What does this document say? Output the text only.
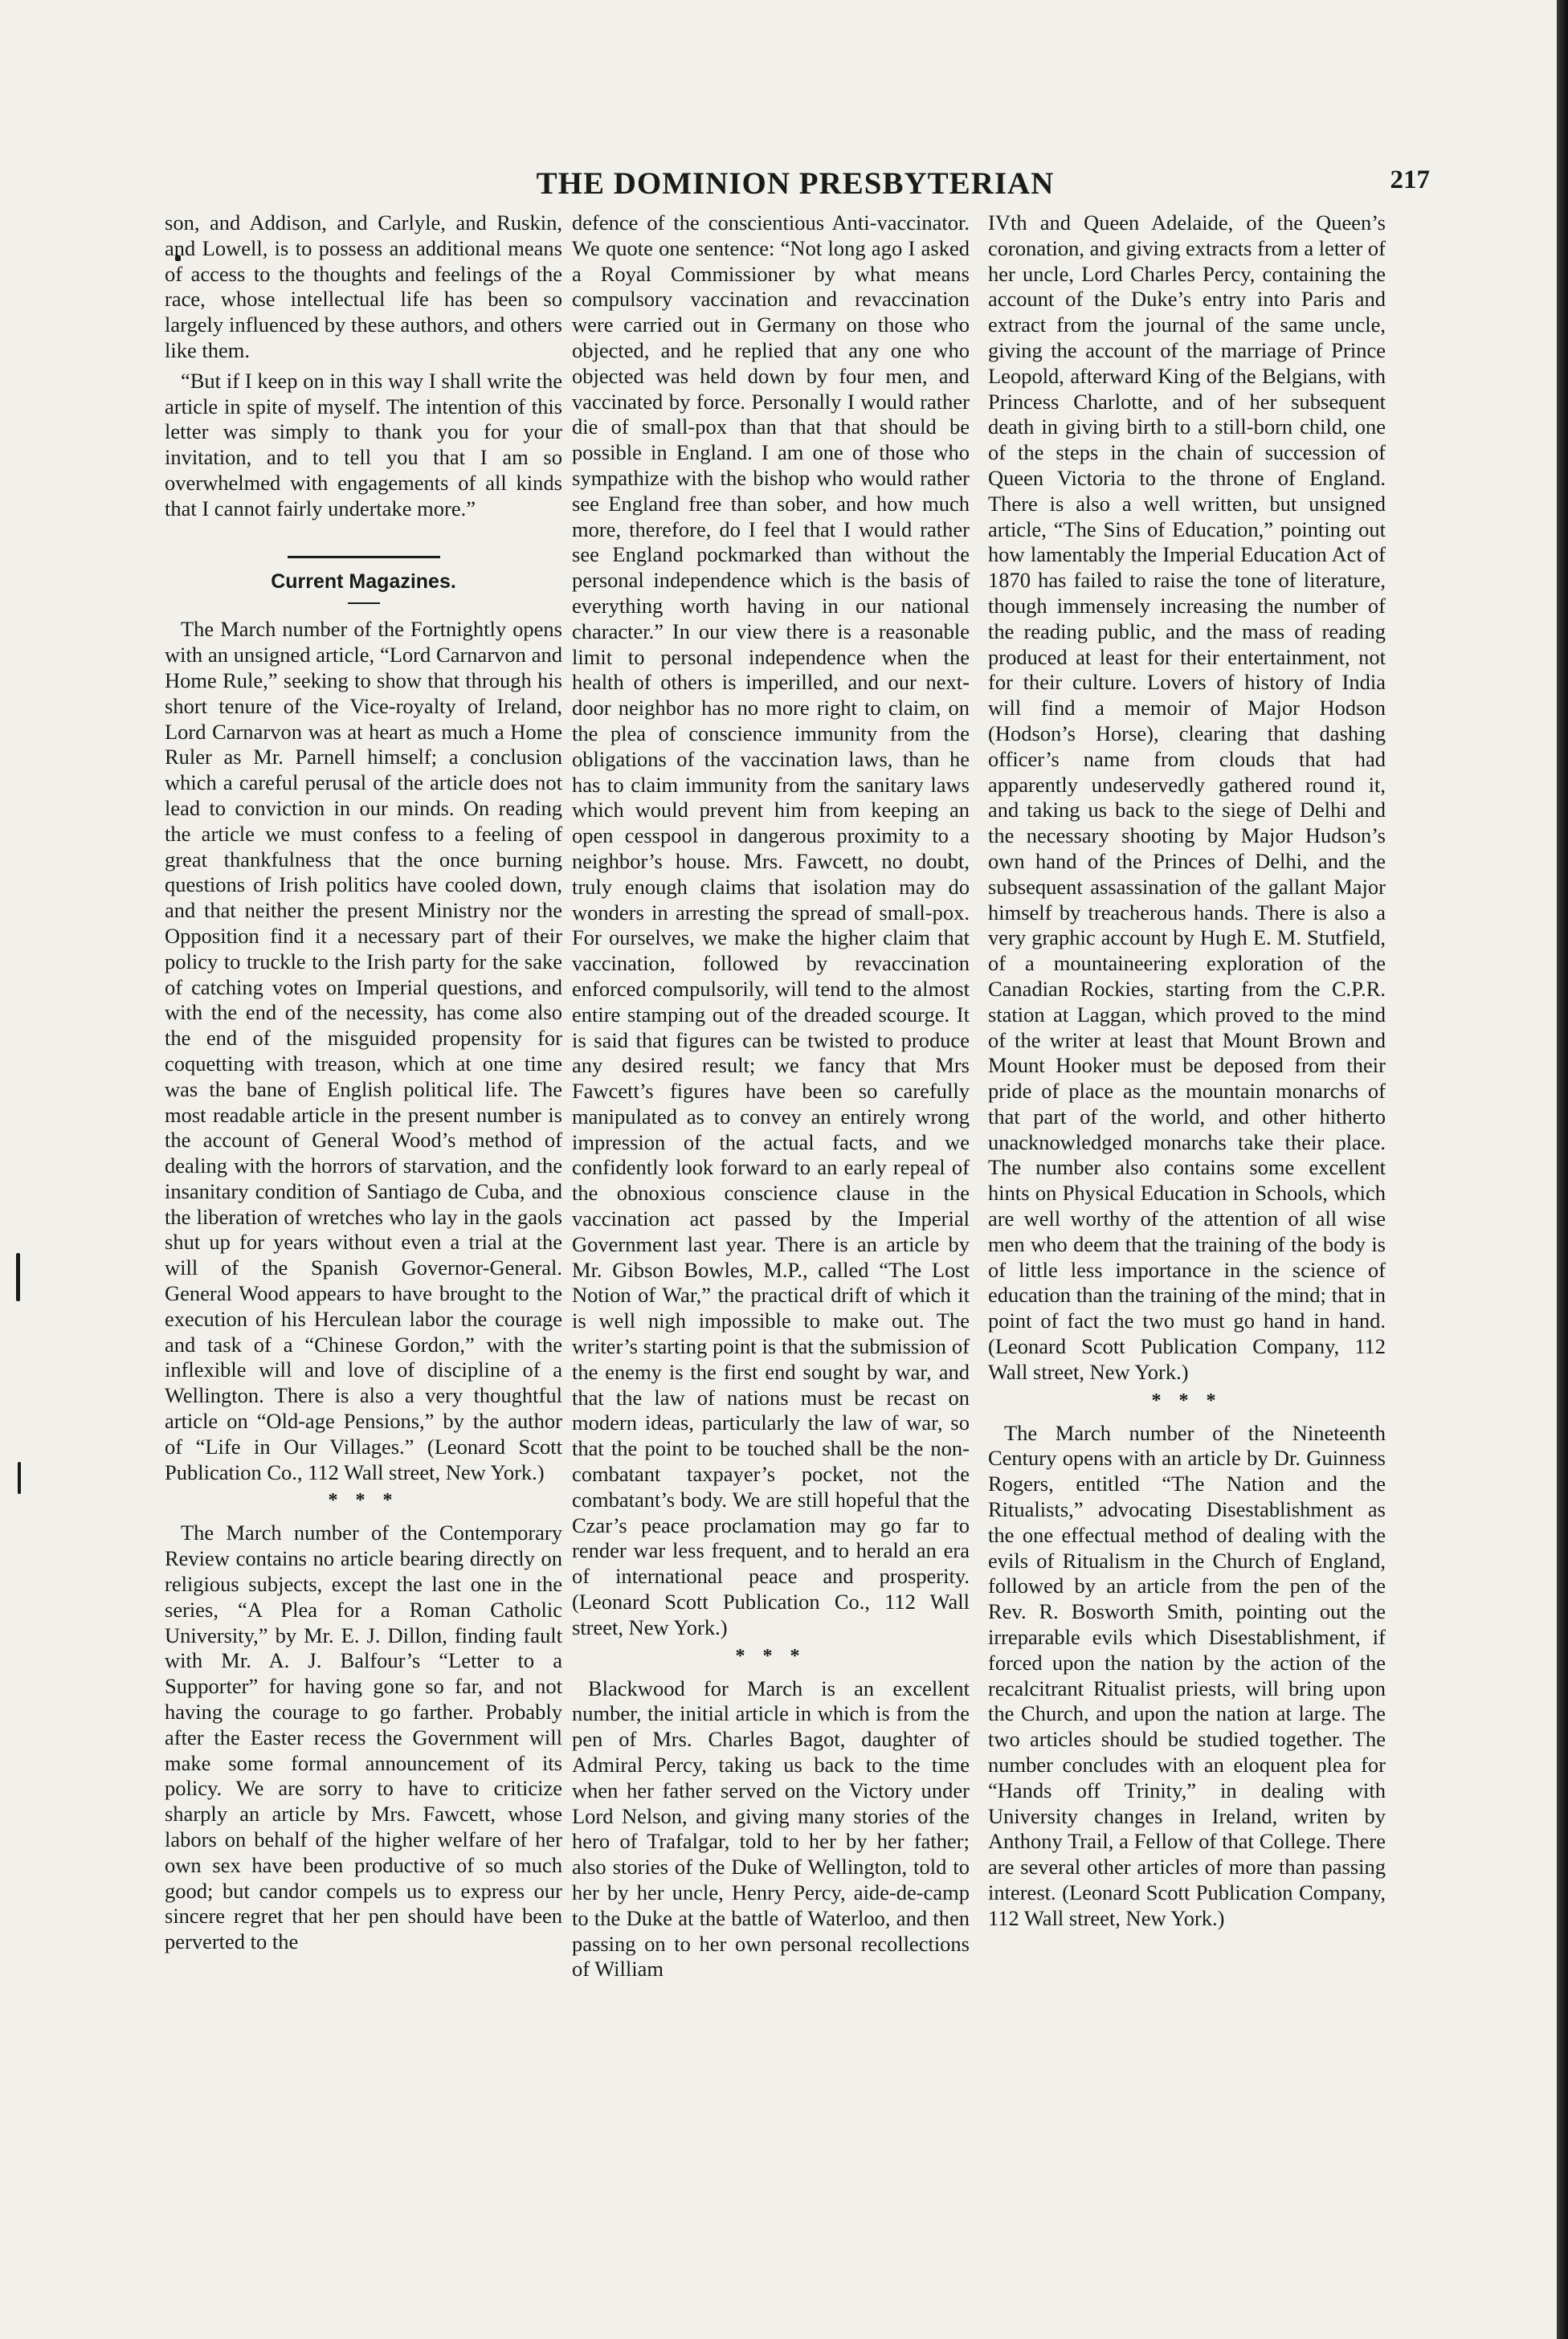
THE DOMINION PRESBYTERIAN	217

son, and Addison, and Carlyle, and Ruskin, and Lowell, is to possess an additional means of access to the thoughts and feelings of the race, whose intellectual life has been so largely influenced by these authors, and others like them.

“But if I keep on in this way I shall write the article in spite of myself. The intention of this letter was simply to thank you for your invitation, and to tell you that I am so overwhelmed with engagements of all kinds that I cannot fairly undertake more.”

Current Magazines.

The March number of the Fortnightly opens with an unsigned article, “Lord Carnarvon and Home Rule,” seeking to show that through his short tenure of the Vice-royalty of Ireland, Lord Carnarvon was at heart as much a Home Ruler as Mr. Parnell himself; a conclusion which a careful perusal of the article does not lead to conviction in our minds. On reading the article we must confess to a feeling of great thankfulness that the once burning questions of Irish politics have cooled down, and that neither the present Ministry nor the Opposition find it a necessary part of their policy to truckle to the Irish party for the sake of catching votes on Imperial questions, and with the end of the necessity, has come also the end of the misguided propensity for coquetting with treason, which at one time was the bane of English political life. The most readable article in the present number is the account of General Wood’s method of dealing with the horrors of starvation, and the insanitary condition of Santiago de Cuba, and the liberation of wretches who lay in the gaols shut up for years without even a trial at the will of the Spanish Governor-General. General Wood appears to have brought to the execution of his Herculean labor the courage and task of a “Chinese Gordon,” with the inflexible will and love of discipline of a Wellington. There is also a very thoughtful article on “Old-age Pensions,” by the author of “Life in Our Villages.” (Leonard Scott Publication Co., 112 Wall street, New York.)

* * *

The March number of the Contemporary Review contains no article bearing directly on religious subjects, except the last one in the series, “A Plea for a Roman Catholic University,” by Mr. E. J. Dillon, finding fault with Mr. A. J. Balfour’s “Letter to a Supporter” for having gone so far, and not having the courage to go farther. Probably after the Easter recess the Government will make some formal announcement of its policy. We are sorry to have to criticize sharply an article by Mrs. Fawcett, whose labors on behalf of the higher welfare of her own sex have been productive of so much good; but candor compels us to express our sincere regret that her pen should have been perverted to the

defence of the conscientious Anti-vaccinator. We quote one sentence: “Not long ago I asked a Royal Commissioner by what means compulsory vaccination and revaccination were carried out in Germany on those who objected, and he replied that any one who objected was held down by four men, and vaccinated by force. Personally I would rather die of small-pox than that that should be possible in England. I am one of those who sympathize with the bishop who would rather see England free than sober, and how much more, therefore, do I feel that I would rather see England pockmarked than without the personal independence which is the basis of everything worth having in our national character.” In our view there is a reasonable limit to personal independence when the health of others is imperilled, and our next-door neighbor has no more right to claim, on the plea of conscience immunity from the obligations of the vaccination laws, than he has to claim immunity from the sanitary laws which would prevent him from keeping an open cesspool in dangerous proximity to a neighbor’s house. Mrs. Fawcett, no doubt, truly enough claims that isolation may do wonders in arresting the spread of small-pox. For ourselves, we make the higher claim that vaccination, followed by revaccination enforced compulsorily, will tend to the almost entire stamping out of the dreaded scourge. It is said that figures can be twisted to produce any desired result; we fancy that Mrs Fawcett’s figures have been so carefully manipulated as to convey an entirely wrong impression of the actual facts, and we confidently look forward to an early repeal of the obnoxious conscience clause in the vaccination act passed by the Imperial Government last year. There is an article by Mr. Gibson Bowles, M.P., called “The Lost Notion of War,” the practical drift of which it is well nigh impossible to make out. The writer’s starting point is that the submission of the enemy is the first end sought by war, and that the law of nations must be recast on modern ideas, particularly the law of war, so that the point to be touched shall be the non-combatant taxpayer’s pocket, not the combatant’s body. We are still hopeful that the Czar’s peace proclamation may go far to render war less frequent, and to herald an era of international peace and prosperity. (Leonard Scott Publication Co., 112 Wall street, New York.)

* * *

Blackwood for March is an excellent number, the initial article in which is from the pen of Mrs. Charles Bagot, daughter of Admiral Percy, taking us back to the time when her father served on the Victory under Lord Nelson, and giving many stories of the hero of Trafalgar, told to her by her father; also stories of the Duke of Wellington, told to her by her uncle, Henry Percy, aide-de-camp to the Duke at the battle of Waterloo, and then passing on to her own personal recollections of William

IVth and Queen Adelaide, of the Queen’s coronation, and giving extracts from a letter of her uncle, Lord Charles Percy, containing the account of the Duke’s entry into Paris and extract from the journal of the same uncle, giving the account of the marriage of Prince Leopold, afterward King of the Belgians, with Princess Charlotte, and of her subsequent death in giving birth to a still-born child, one of the steps in the chain of succession of Queen Victoria to the throne of England. There is also a well written, but unsigned article, “The Sins of Education,” pointing out how lamentably the Imperial Education Act of 1870 has failed to raise the tone of literature, though immensely increasing the number of the reading public, and the mass of reading produced at least for their entertainment, not for their culture. Lovers of history of India will find a memoir of Major Hodson (Hodson’s Horse), clearing that dashing officer’s name from clouds that had apparently undeservedly gathered round it, and taking us back to the siege of Delhi and the necessary shooting by Major Hudson’s own hand of the Princes of Delhi, and the subsequent assassination of the gallant Major himself by treacherous hands. There is also a very graphic account by Hugh E. M. Stutfield, of a mountaineering exploration of the Canadian Rockies, starting from the C.P.R. station at Laggan, which proved to the mind of the writer at least that Mount Brown and Mount Hooker must be deposed from their pride of place as the mountain monarchs of that part of the world, and other hitherto unacknowledged monarchs take their place. The number also contains some excellent hints on Physical Education in Schools, which are well worthy of the attention of all wise men who deem that the training of the body is of little less importance in the science of education than the training of the mind; that in point of fact the two must go hand in hand. (Leonard Scott Publication Company, 112 Wall street, New York.)

* * *

The March number of the Nineteenth Century opens with an article by Dr. Guinness Rogers, entitled “The Nation and the Ritualists,” advocating Disestablishment as the one effectual method of dealing with the evils of Ritualism in the Church of England, followed by an article from the pen of the Rev. R. Bosworth Smith, pointing out the irreparable evils which Disestablishment, if forced upon the nation by the action of the recalcitrant Ritualist priests, will bring upon the Church, and upon the nation at large. The two articles should be studied together. The number concludes with an eloquent plea for “Hands off Trinity,” in dealing with University changes in Ireland, writen by Anthony Trail, a Fellow of that College. There are several other articles of more than passing interest. (Leonard Scott Publication Company, 112 Wall street, New York.)
